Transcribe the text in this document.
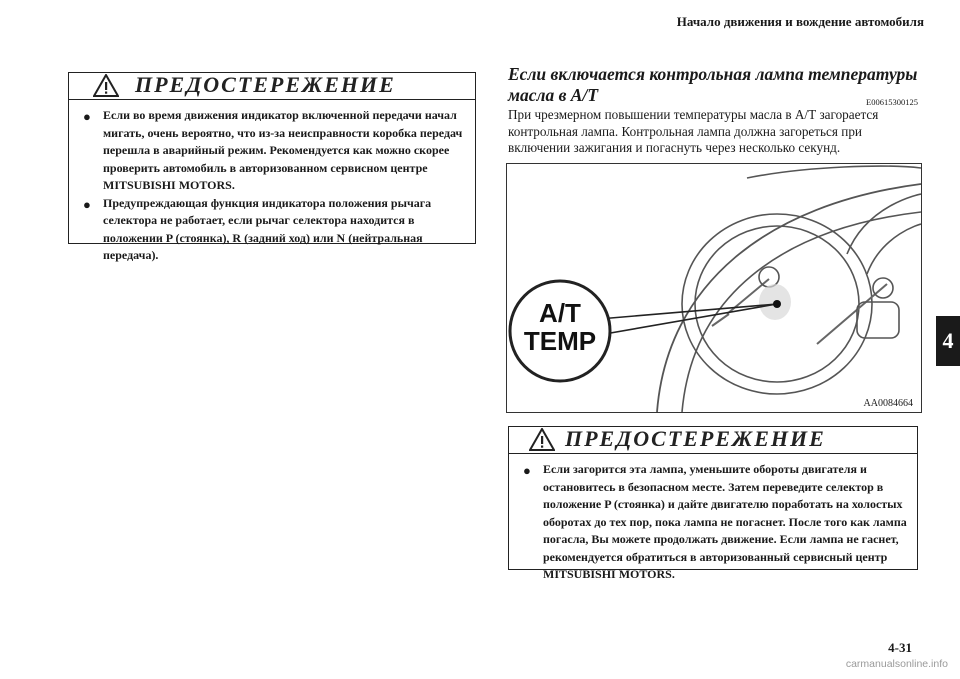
Начало движения и вождение автомобиля
4
ПРЕДОСТЕРЕЖЕНИЕ
● Если во время движения индикатор включенной передачи начал мигать, очень вероятно, что из-за неисправности коробка передач перешла в аварийный режим. Рекомендуется как можно скорее проверить автомобиль в авторизованном сервисном центре MITSUBISHI MOTORS.
● Предупреждающая функция индикатора положения рычага селектора не работает, если рычаг селектора находится в положении P (стоянка), R (задний ход) или N (нейтральная передача).
Если включается контрольная лампа температуры масла в А/Т	E00615300125
При чрезмерном повышении температуры масла в А/Т загорается контрольная лампа. Контрольная лампа должна загореться при включении зажигания и погаснуть через несколько секунд.
A/T
TEMP
AA0084664
ПРЕДОСТЕРЕЖЕНИЕ
● Если загорится эта лампа, уменьшите обороты двигателя и остановитесь в безопасном месте. Затем переведите селектор в положение P (стоянка) и дайте двигателю поработать на холостых оборотах до тех пор, пока лампа не погаснет. После того как лампа погасла, Вы можете продолжать движение. Если лампа не гаснет, рекомендуется обратиться в авторизованный сервисный центр MITSUBISHI MOTORS.
4-31
carmanualsonline.info
